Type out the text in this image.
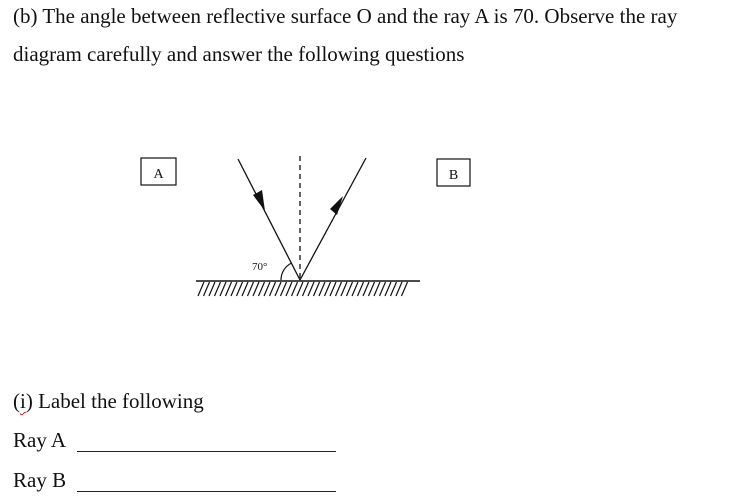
(b) The angle between reflective surface O and the ray A is 70. Observe the ray
diagram carefully and answer the following questions
A	B
70°
(i) Label the following
Ray A
Ray B
